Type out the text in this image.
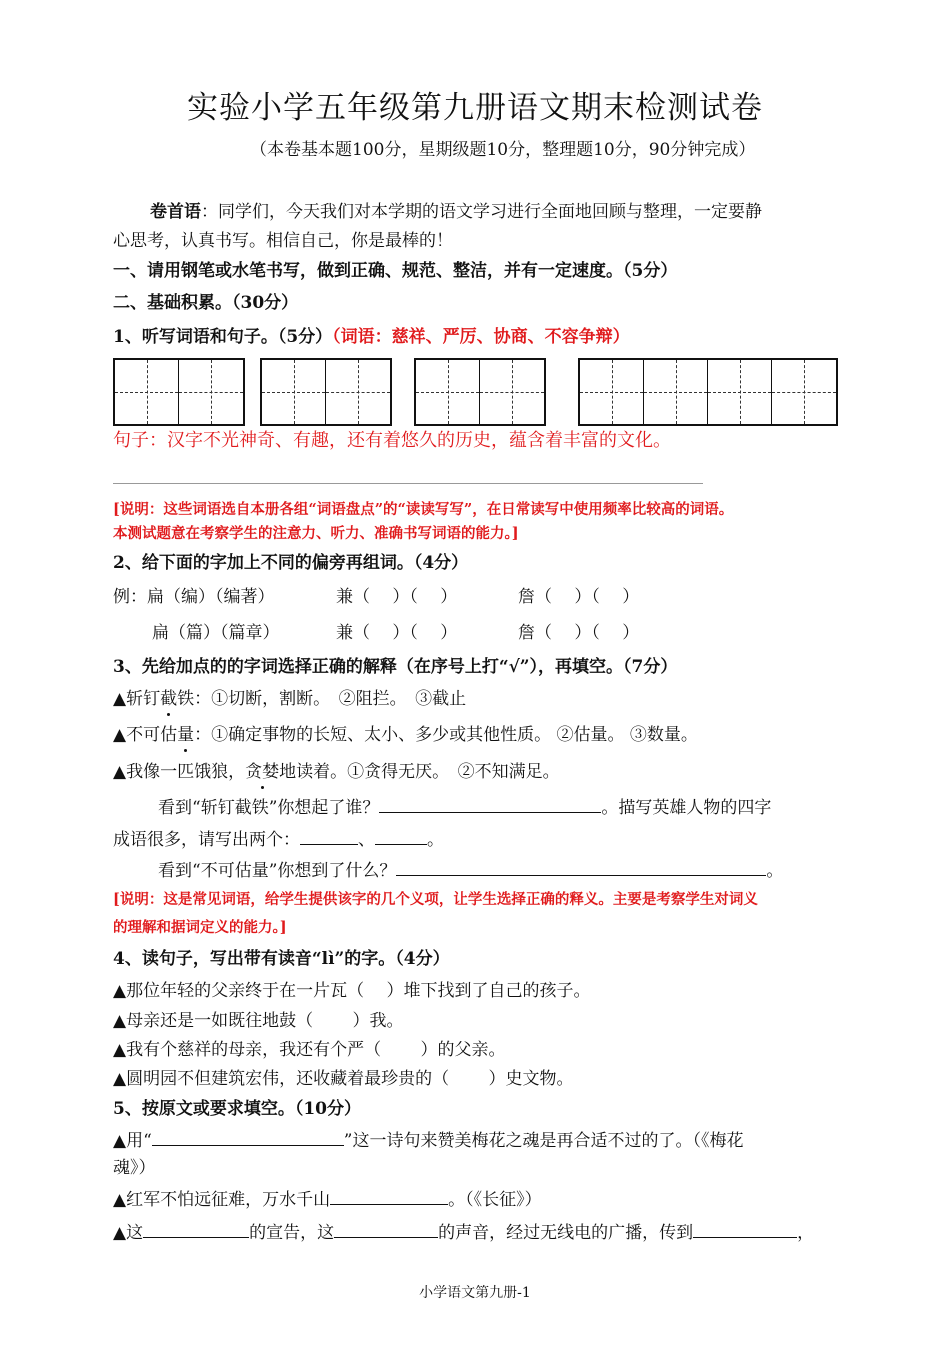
实验小学五年级第九册语文期末检测试卷
（本卷基本题100分，星期级题10分，整理题10分，90分钟完成）
卷首语：同学们，今天我们对本学期的语文学习进行全面地回顾与整理，一定要静
心思考，认真书写。相信自己，你是最棒的！
一、请用钢笔或水笔书写，做到正确、规范、整洁，并有一定速度。（5分）
二、基础积累。（30分）
1、听写词语和句子。（5分）（词语：慈祥、严厉、协商、不容争辩）
句子：汉字不光神奇、有趣，还有着悠久的历史，蕴含着丰富的文化。
[说明：这些词语选自本册各组“词语盘点”的“读读写写”，在日常读写中使用频率比较高的词语。
本测试题意在考察学生的注意力、听力、准确书写词语的能力。]
2、给下面的字加上不同的偏旁再组词。（4分）
例：扁（编）（编著）	兼（　 ）（　 ）	詹（　 ）（　 ）
扁（篇）（篇章）	兼（　 ）（　 ）	詹（　 ）（　 ）
3、先给加点的的字词选择正确的解释（在序号上打“√”），再填空。（7分）
▲斩钉截铁：①切断，割断。　②阻拦。　③截止
▲不可估量：①确定事物的长短、太小、多少或其他性质。 ②估量。 ③数量。
▲我像一匹饿狼，贪婪地读着。①贪得无厌。　②不知满足。
看到“斩钉截铁”你想起了谁？	。描写英雄人物的四字
成语很多，请写出两个：	、	。
看到“不可估量”你想到了什么？	。
[说明：这是常见词语，给学生提供该字的几个义项，让学生选择正确的释义。主要是考察学生对词义
的理解和据词定义的能力。]
4、读句子，写出带有读音“lì”的字。（4分）
▲那位年轻的父亲终于在一片瓦（　 ）堆下找到了自己的孩子。
▲母亲还是一如既往地鼓（　　 ）我。
▲我有个慈祥的母亲，我还有个严（　　 ）的父亲。
▲圆明园不但建筑宏伟，还收藏着最珍贵的（　　 ）史文物。
5、按原文或要求填空。（10分）
▲用“	”这一诗句来赞美梅花之魂是再合适不过的了。（《梅花
魂》）
▲红军不怕远征难，万水千山	。（《长征》）
▲这	的宣告，这	的声音，经过无线电的广播，传到	，
小学语文第九册-1
